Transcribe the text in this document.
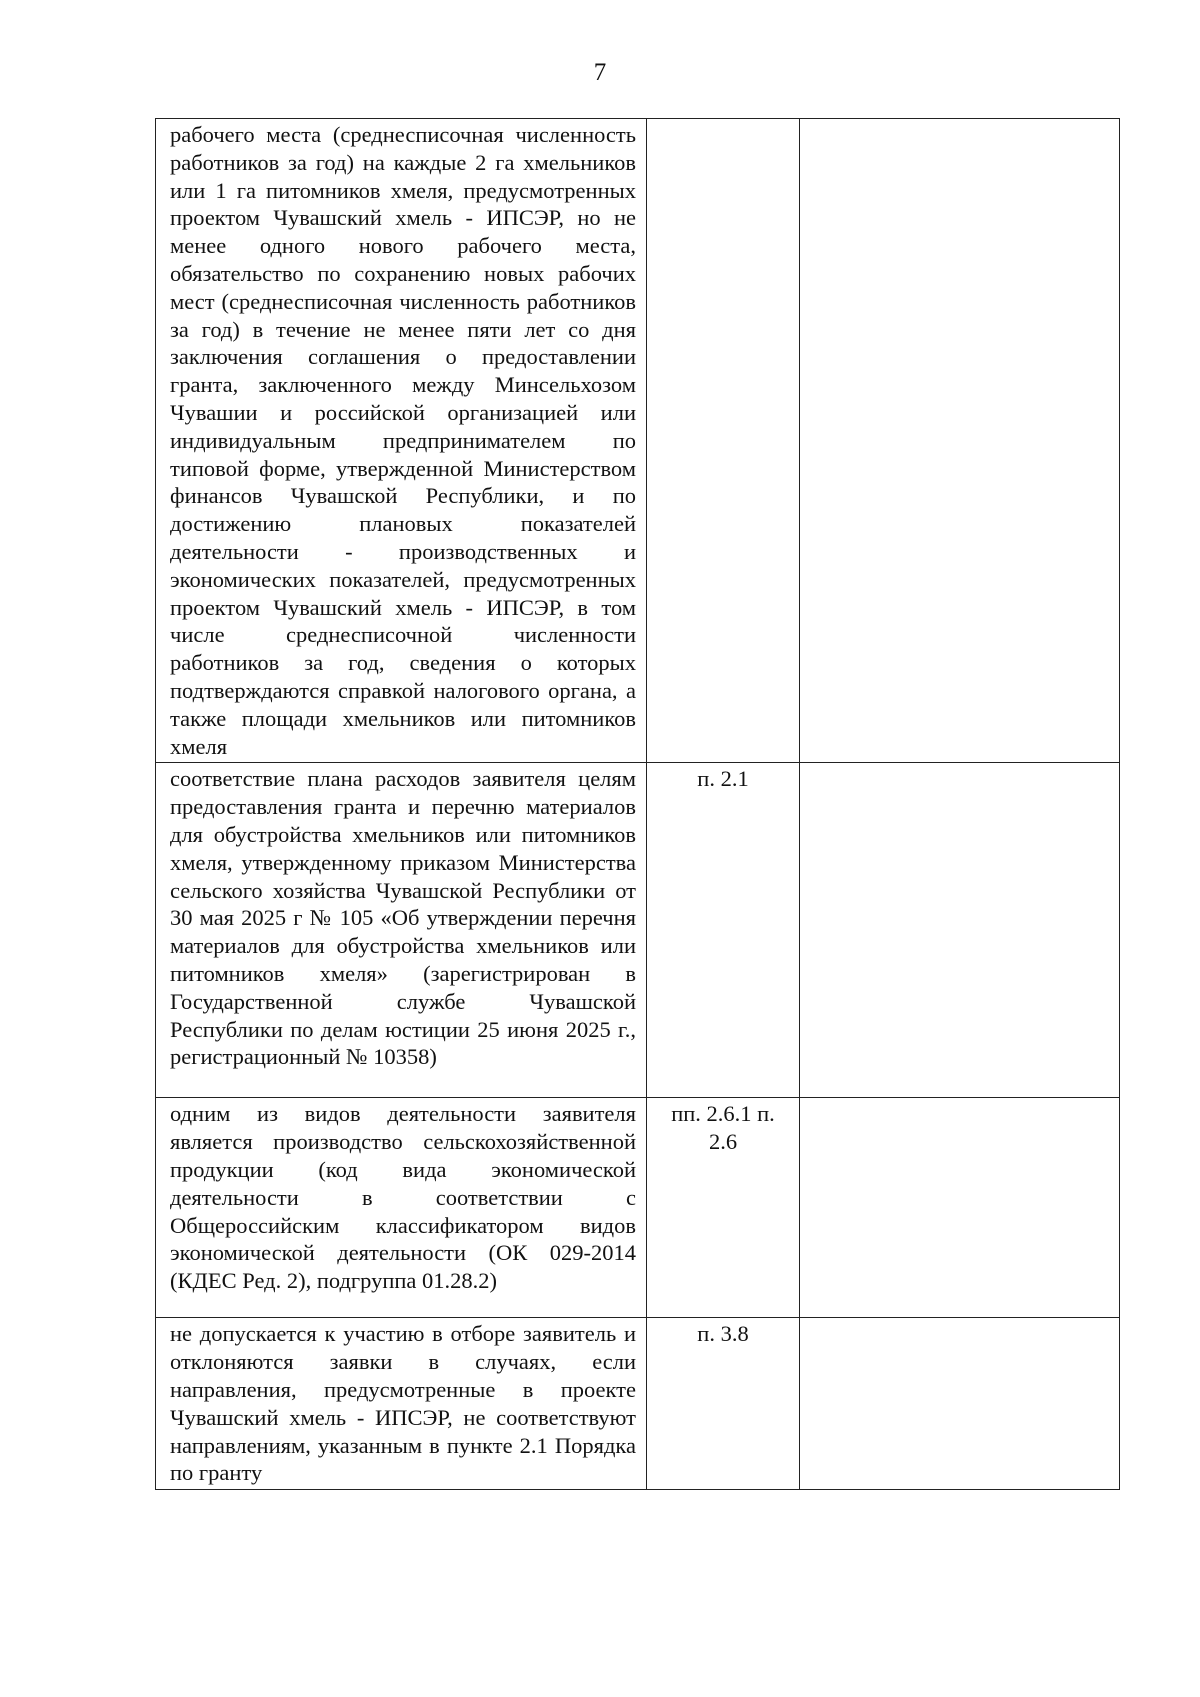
7
рабочего места (среднесписочная численность работников за год) на каждые 2 га хмельников или 1 га питомников хмеля, предусмотренных проектом Чувашский хмель - ИПСЭР, но не менее одного нового рабочего места, обязательство по сохранению новых рабочих мест (среднесписочная численность работников за год) в течение не менее пяти лет со дня заключения соглашения о предоставлении гранта, заключенного между Минсельхозом Чувашии и российской организацией или индивидуальным предпринимателем по типовой форме, утвержденной Министерством финансов Чувашской Республики, и по достижению плановых показателей деятельности - производственных и экономических показателей, предусмотренных проектом Чувашский хмель - ИПСЭР, в том числе среднесписочной численности работников за год, сведения о которых подтверждаются справкой налогового органа, а также площади хмельников или питомников хмеля		

соответствие плана расходов заявителя целям предоставления гранта и перечню материалов для обустройства хмельников или питомников хмеля, утвержденному приказом Министерства сельского хозяйства Чувашской Республики от 30 мая 2025 г № 105 «Об утверждении перечня материалов для обустройства хмельников или питомников хмеля» (зарегистрирован в Государственной службе Чувашской Республики по делам юстиции 25 июня 2025 г., регистрационный № 10358)	п. 2.1	

одним из видов деятельности заявителя является производство сельскохозяйственной продукции (код вида экономической деятельности в соответствии с Общероссийским классификатором видов экономической деятельности (ОК 029-2014 (КДЕС Ред. 2), подгруппа 01.28.2)	пп. 2.6.1 п. 2.6	

не допускается к участию в отборе заявитель и отклоняются заявки в случаях, если направления, предусмотренные в проекте Чувашский хмель - ИПСЭР, не соответствуют направлениям, указанным в пункте 2.1 Порядка по гранту	п. 3.8	
